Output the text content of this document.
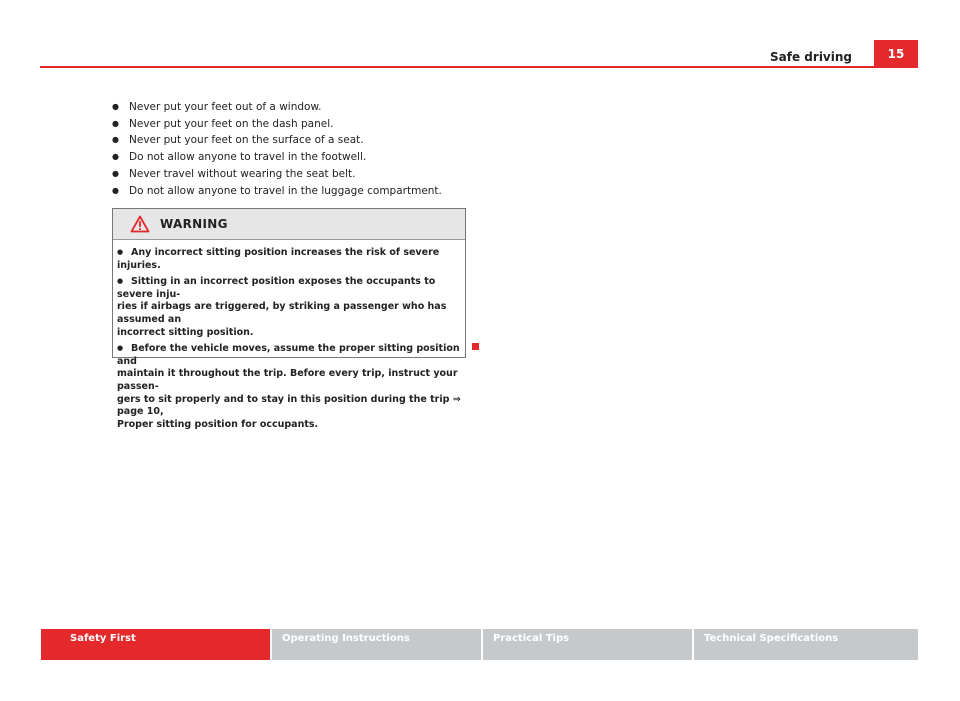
Safe driving	15
● Never put your feet out of a window.
● Never put your feet on the dash panel.
● Never put your feet on the surface of a seat.
● Do not allow anyone to travel in the footwell.
● Never travel without wearing the seat belt.
● Do not allow anyone to travel in the luggage compartment.
WARNING

● Any incorrect sitting position increases the risk of severe injuries.

● Sitting in an incorrect position exposes the occupants to severe inju-
ries if airbags are triggered, by striking a passenger who has assumed an
incorrect sitting position.

● Before the vehicle moves, assume the proper sitting position and
maintain it throughout the trip. Before every trip, instruct your passen-
gers to sit properly and to stay in this position during the trip ⇒ page 10,
Proper sitting position for occupants.

Safety First	Operating Instructions	Practical Tips	Technical Specifications
